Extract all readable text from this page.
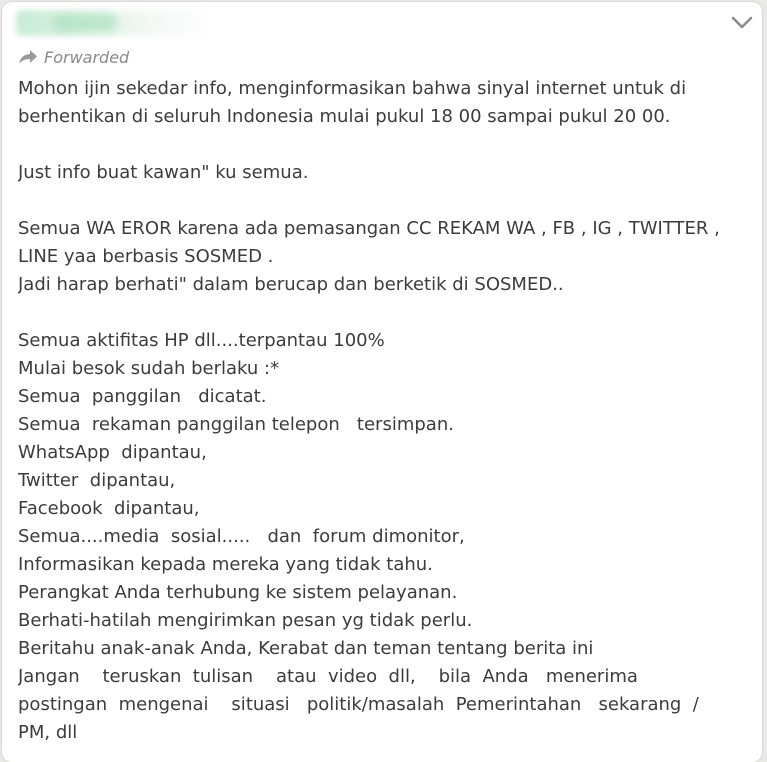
Forwarded
Mohon ijin sekedar info, menginformasikan bahwa sinyal internet untuk di
berhentikan di seluruh Indonesia mulai pukul 18 00 sampai pukul 20 00.
Just info buat kawan" ku semua.
Semua WA EROR karena ada pemasangan CC REKAM WA , FB , IG , TWITTER ,
LINE yaa berbasis SOSMED .
Jadi harap berhati" dalam berucap dan berketik di SOSMED..
Semua aktifitas HP dll....terpantau 100%
Mulai besok sudah berlaku :*
Semua  panggilan   dicatat.
Semua  rekaman panggilan telepon   tersimpan.
WhatsApp  dipantau,
Twitter  dipantau,
Facebook  dipantau,
Semua....media  sosial.....   dan  forum dimonitor,
Informasikan kepada mereka yang tidak tahu.
Perangkat Anda terhubung ke sistem pelayanan.
Berhati-hatilah mengirimkan pesan yg tidak perlu.
Beritahu anak-anak Anda, Kerabat dan teman tentang berita ini
Jangan    teruskan  tulisan    atau  video  dll,    bila  Anda   menerima
postingan  mengenai    situasi   politik/masalah  Pemerintahan   sekarang  /
PM, dll
